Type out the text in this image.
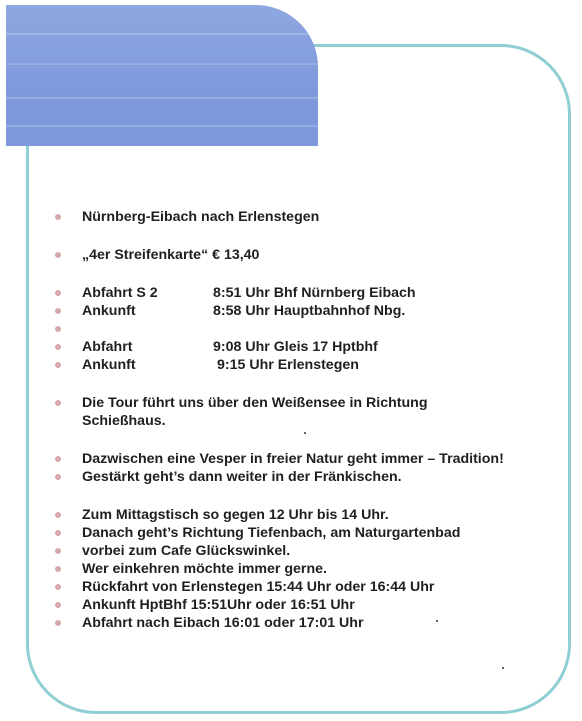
Nürnberg-Eibach nach Erlenstegen
„4er Streifenkarte“ € 13,40
Abfahrt S 2	8:51 Uhr Bhf Nürnberg Eibach
Ankunft	8:58 Uhr Hauptbahnhof Nbg.
Abfahrt	9:08 Uhr Gleis 17 Hptbhf
Ankunft	9:15 Uhr Erlenstegen
Die Tour führt uns über den Weißensee in Richtung Schießhaus.
Dazwischen eine Vesper in freier Natur geht immer – Tradition!
Gestärkt geht’s dann weiter in der Fränkischen.
Zum Mittagstisch so gegen 12 Uhr bis 14 Uhr.
Danach geht’s Richtung Tiefenbach, am Naturgartenbad
vorbei zum Cafe Glückswinkel.
Wer einkehren möchte immer gerne.
Rückfahrt von Erlenstegen 15:44 Uhr oder 16:44 Uhr
Ankunft HptBhf 15:51Uhr oder 16:51 Uhr
Abfahrt nach Eibach 16:01 oder 17:01 Uhr
